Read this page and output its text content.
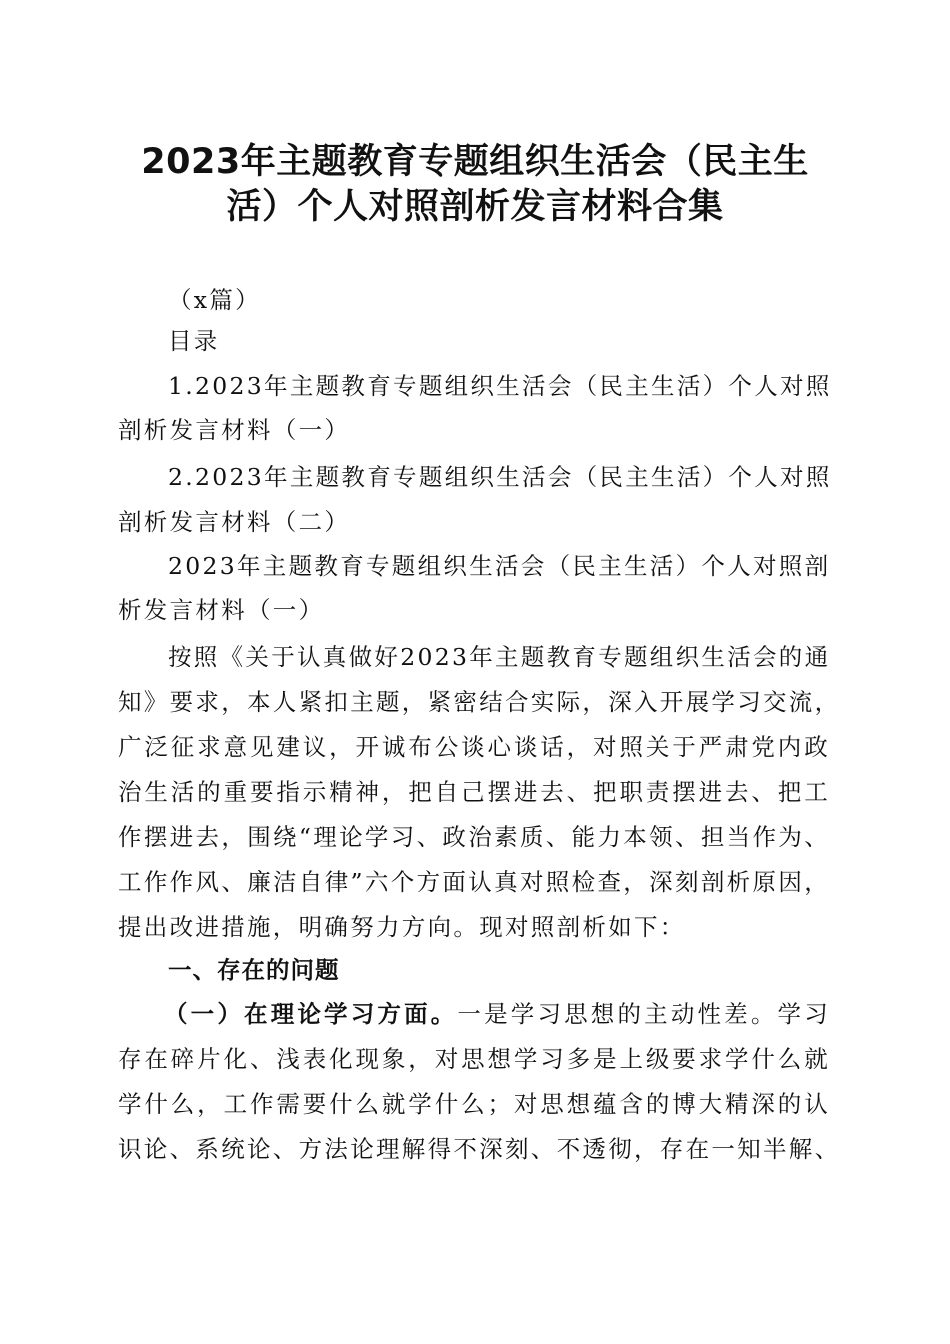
2023年主题教育专题组织生活会（民主生
活）个人对照剖析发言材料合集
（x篇）
目录
1.2023年主题教育专题组织生活会（民主生活）个人对照
剖析发言材料（一）
2.2023年主题教育专题组织生活会（民主生活）个人对照
剖析发言材料（二）
2023年主题教育专题组织生活会（民主生活）个人对照剖
析发言材料（一）
按照《关于认真做好2023年主题教育专题组织生活会的通
知》要求，本人紧扣主题，紧密结合实际，深入开展学习交流，
广泛征求意见建议，开诚布公谈心谈话，对照关于严肃党内政
治生活的重要指示精神，把自己摆进去、把职责摆进去、把工
作摆进去，围绕“理论学习、政治素质、能力本领、担当作为、
工作作风、廉洁自律”六个方面认真对照检查，深刻剖析原因，
提出改进措施，明确努力方向。现对照剖析如下：
一、存在的问题
（一）在理论学习方面。一是学习思想的主动性差。学习
存在碎片化、浅表化现象，对思想学习多是上级要求学什么就
学什么，工作需要什么就学什么；对思想蕴含的博大精深的认
识论、系统论、方法论理解得不深刻、不透彻，存在一知半解、
